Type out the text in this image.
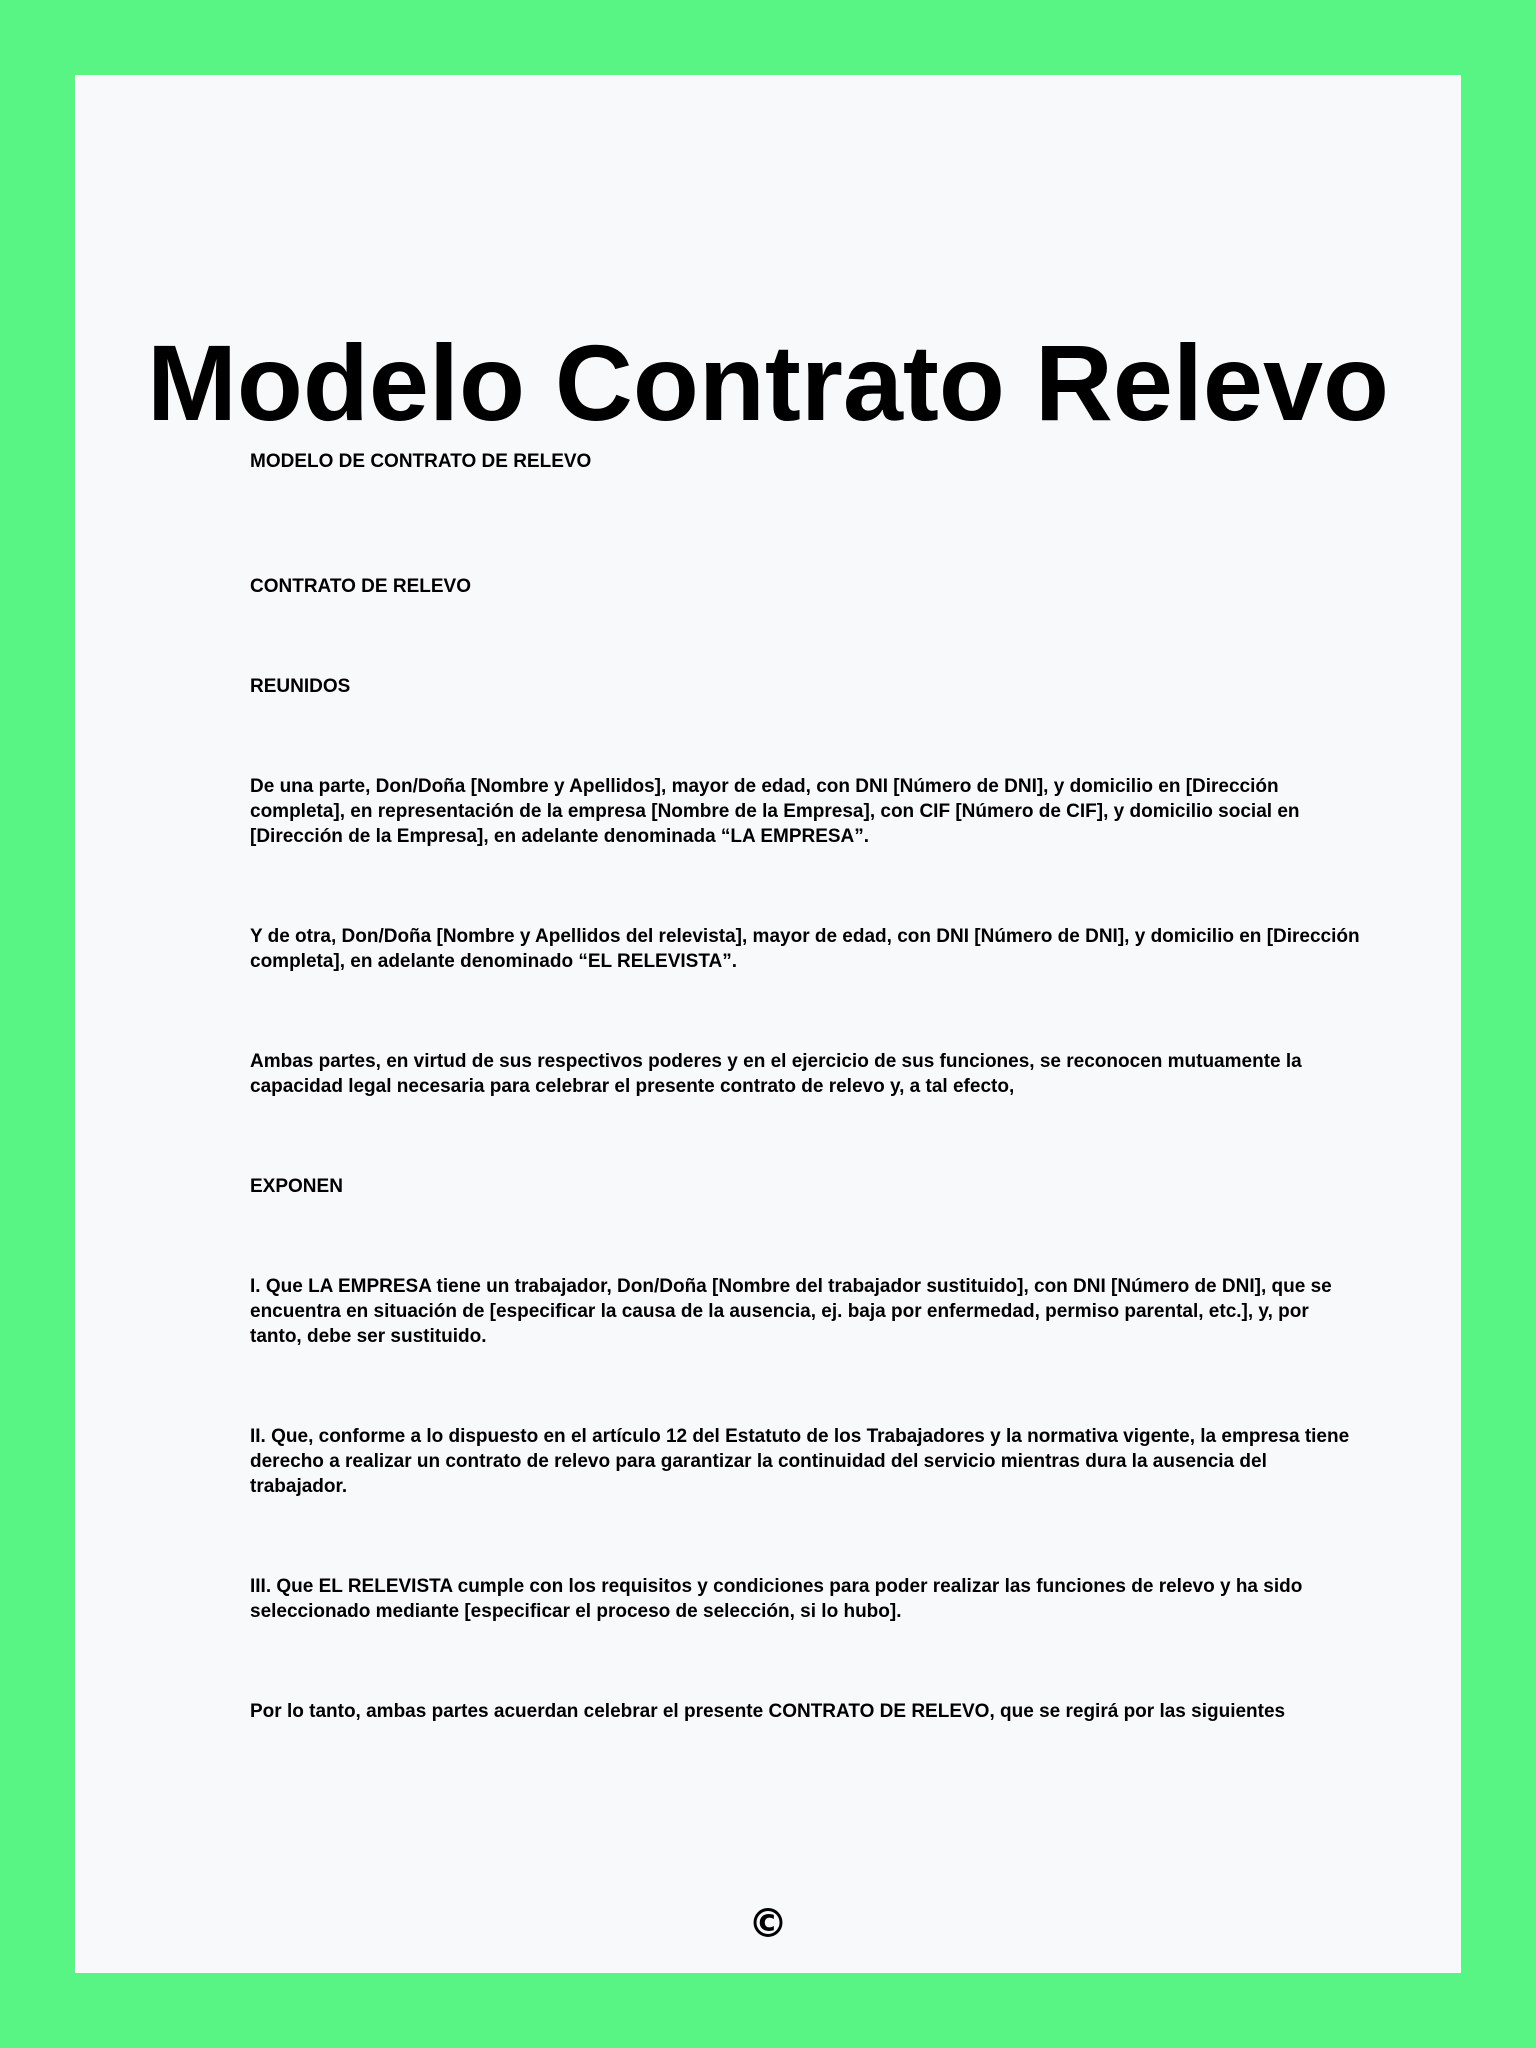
Modelo Contrato Relevo

MODELO DE CONTRATO DE RELEVO

CONTRATO DE RELEVO

REUNIDOS

De una parte, Don/Doña [Nombre y Apellidos], mayor de edad, con DNI [Número de DNI], y domicilio en [Dirección completa], en representación de la empresa [Nombre de la Empresa], con CIF [Número de CIF], y domicilio social en [Dirección de la Empresa], en adelante denominada “LA EMPRESA”.

Y de otra, Don/Doña [Nombre y Apellidos del relevista], mayor de edad, con DNI [Número de DNI], y domicilio en [Dirección completa], en adelante denominado “EL RELEVISTA”.

Ambas partes, en virtud de sus respectivos poderes y en el ejercicio de sus funciones, se reconocen mutuamente la capacidad legal necesaria para celebrar el presente contrato de relevo y, a tal efecto,

EXPONEN

I. Que LA EMPRESA tiene un trabajador, Don/Doña [Nombre del trabajador sustituido], con DNI [Número de DNI], que se encuentra en situación de [especificar la causa de la ausencia, ej. baja por enfermedad, permiso parental, etc.], y, por tanto, debe ser sustituido.

II. Que, conforme a lo dispuesto en el artículo 12 del Estatuto de los Trabajadores y la normativa vigente, la empresa tiene derecho a realizar un contrato de relevo para garantizar la continuidad del servicio mientras dura la ausencia del trabajador.

III. Que EL RELEVISTA cumple con los requisitos y condiciones para poder realizar las funciones de relevo y ha sido seleccionado mediante [especificar el proceso de selección, si lo hubo].

Por lo tanto, ambas partes acuerdan celebrar el presente CONTRATO DE RELEVO, que se regirá por las siguientes

©
